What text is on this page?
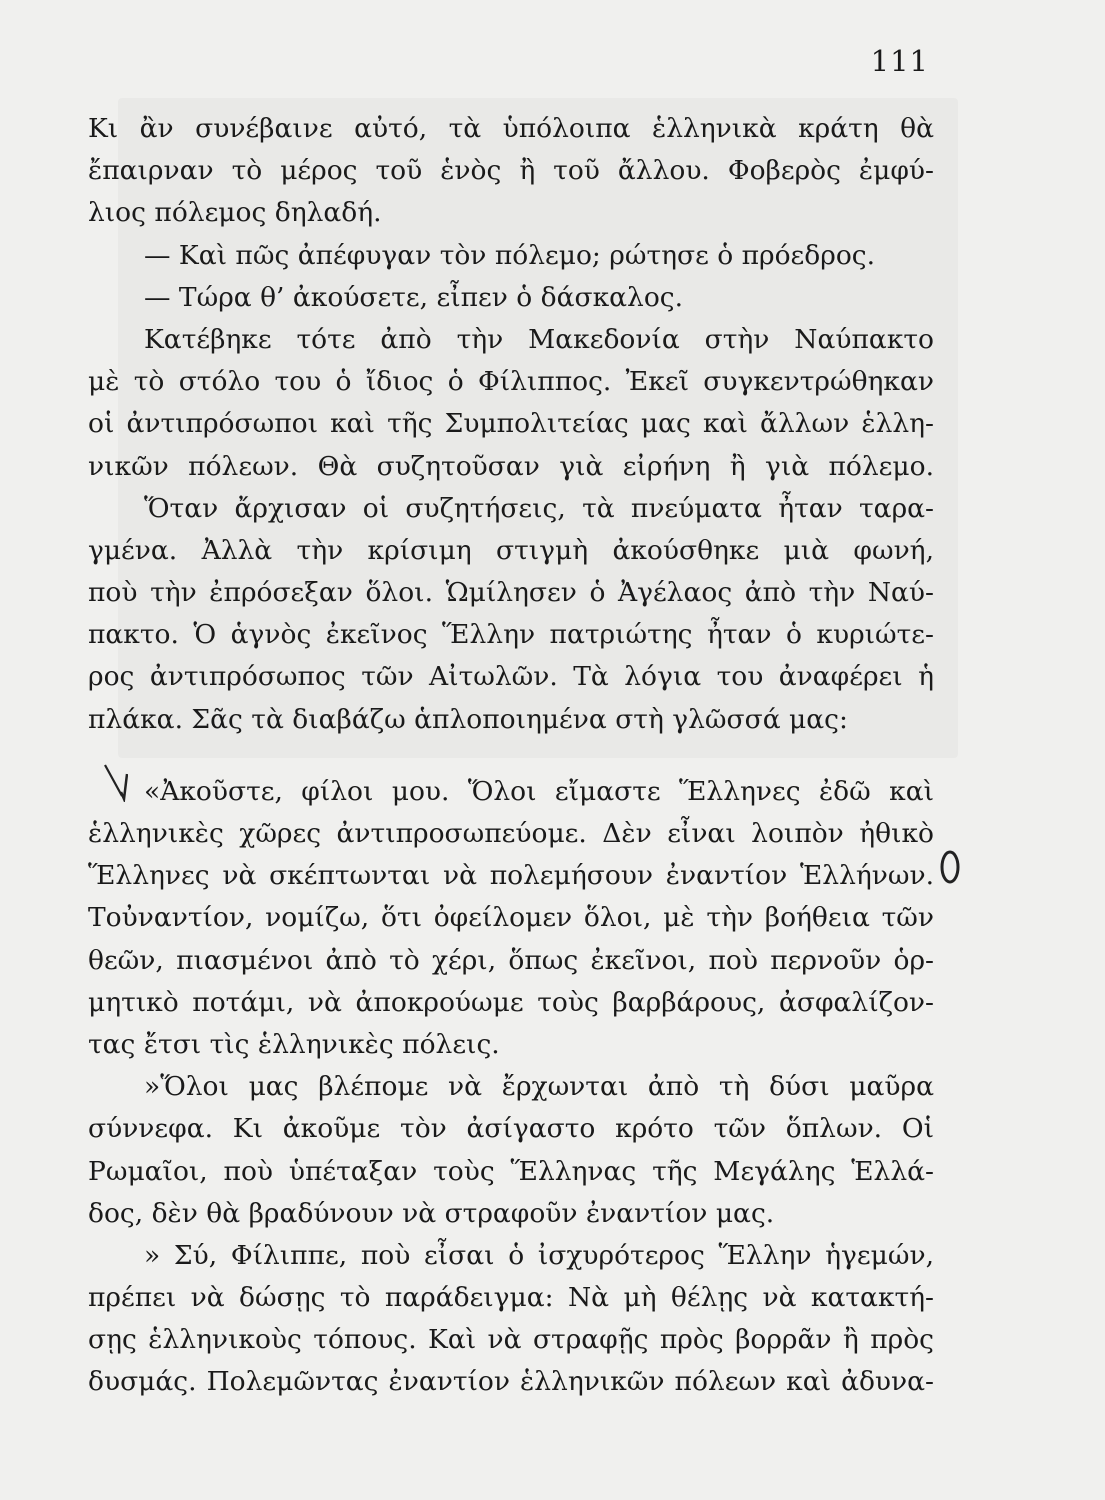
111
Κι ἂν συνέβαινε αὐτό, τὰ ὑπόλοιπα ἑλληνικὰ κράτη θὰ
ἔπαιρναν τὸ μέρος τοῦ ἑνὸς ἢ τοῦ ἄλλου. Φοβερὸς ἐμφύ-
λιος πόλεμος δηλαδή.
— Καὶ πῶς ἀπέφυγαν τὸν πόλεμο; ρώτησε ὁ πρόεδρος.
— Τώρα θ’ ἀκούσετε, εἶπεν ὁ δάσκαλος.
Κατέβηκε τότε ἀπὸ τὴν Μακεδονία στὴν Ναύπακτο
μὲ τὸ στόλο του ὁ ἴδιος ὁ Φίλιππος. Ἐκεῖ συγκεντρώθηκαν
οἱ ἀντιπρόσωποι καὶ τῆς Συμπολιτείας μας καὶ ἄλλων ἑλλη-
νικῶν πόλεων. Θὰ συζητοῦσαν γιὰ εἰρήνη ἢ γιὰ πόλεμο.
Ὅταν ἄρχισαν οἱ συζητήσεις, τὰ πνεύματα ἦταν ταρα-
γμένα. Ἀλλὰ τὴν κρίσιμη στιγμὴ ἀκούσθηκε μιὰ φωνή,
ποὺ τὴν ἐπρόσεξαν ὅλοι. Ὡμίλησεν ὁ Ἀγέλαος ἀπὸ τὴν Ναύ-
πακτο. Ὁ ἁγνὸς ἐκεῖνος Ἕλλην πατριώτης ἦταν ὁ κυριώτε-
ρος ἀντιπρόσωπος τῶν Αἰτωλῶν. Τὰ λόγια του ἀναφέρει ἡ
πλάκα. Σᾶς τὰ διαβάζω ἁπλοποιημένα στὴ γλῶσσά μας:
«Ἀκοῦστε, φίλοι μου. Ὅλοι εἴμαστε Ἕλληνες ἐδῶ καὶ
ἑλληνικὲς χῶρες ἀντιπροσωπεύομε. Δὲν εἶναι λοιπὸν ἠθικὸ
Ἕλληνες νὰ σκέπτωνται νὰ πολεμήσουν ἐναντίον Ἑλλήνων.
Τοὐναντίον, νομίζω, ὅτι ὀφείλομεν ὅλοι, μὲ τὴν βοήθεια τῶν
θεῶν, πιασμένοι ἀπὸ τὸ χέρι, ὅπως ἐκεῖνοι, ποὺ περνοῦν ὁρ-
μητικὸ ποτάμι, νὰ ἀποκρούωμε τοὺς βαρβάρους, ἀσφαλίζον-
τας ἔτσι τὶς ἑλληνικὲς πόλεις.
»Ὅλοι μας βλέπομε νὰ ἔρχωνται ἀπὸ τὴ δύσι μαῦρα
σύννεφα. Κι ἀκοῦμε τὸν ἀσίγαστο κρότο τῶν ὅπλων. Οἱ
Ρωμαῖοι, ποὺ ὑπέταξαν τοὺς Ἕλληνας τῆς Μεγάλης Ἑλλά-
δος, δὲν θὰ βραδύνουν νὰ στραφοῦν ἐναντίον μας.
» Σύ, Φίλιππε, ποὺ εἶσαι ὁ ἰσχυρότερος Ἕλλην ἡγεμών,
πρέπει νὰ δώσῃς τὸ παράδειγμα: Νὰ μὴ θέλῃς νὰ κατακτή-
σῃς ἑλληνικοὺς τόπους. Καὶ νὰ στραφῇς πρὸς βορρᾶν ἢ πρὸς
δυσμάς. Πολεμῶντας ἐναντίον ἑλληνικῶν πόλεων καὶ ἀδυνα-
